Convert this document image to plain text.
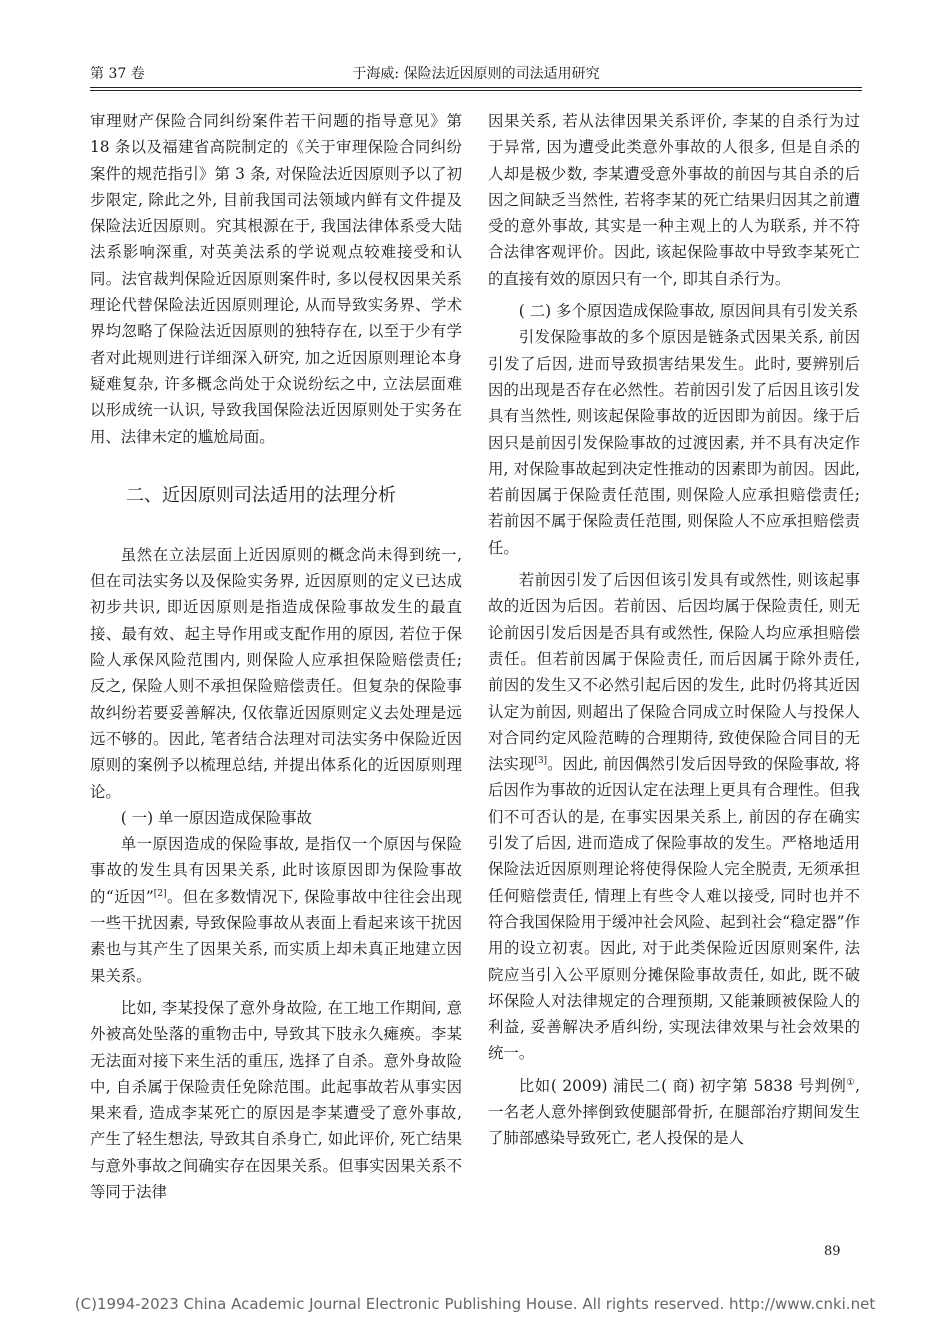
第 37 卷	于海威: 保险法近因原则的司法适用研究

审理财产保险合同纠纷案件若干问题的指导意见》第 18 条以及福建省高院制定的《关于审理保险合同纠纷案件的规范指引》第 3 条, 对保险法近因原则予以了初步限定, 除此之外, 目前我国司法领域内鲜有文件提及保险法近因原则。究其根源在于, 我国法律体系受大陆法系影响深重, 对英美法系的学说观点较难接受和认同。法官裁判保险近因原则案件时, 多以侵权因果关系理论代替保险法近因原则理论, 从而导致实务界、学术界均忽略了保险法近因原则的独特存在, 以至于少有学者对此规则进行详细深入研究, 加之近因原则理论本身疑难复杂, 许多概念尚处于众说纷纭之中, 立法层面难以形成统一认识, 导致我国保险法近因原则处于实务在用、法律未定的尴尬局面。

二、近因原则司法适用的法理分析

虽然在立法层面上近因原则的概念尚未得到统一, 但在司法实务以及保险实务界, 近因原则的定义已达成初步共识, 即近因原则是指造成保险事故发生的最直接、最有效、起主导作用或支配作用的原因, 若位于保险人承保风险范围内, 则保险人应承担保险赔偿责任; 反之, 保险人则不承担保险赔偿责任。但复杂的保险事故纠纷若要妥善解决, 仅依靠近因原则定义去处理是远远不够的。因此, 笔者结合法理对司法实务中保险近因原则的案例予以梳理总结, 并提出体系化的近因原则理论。

( 一) 单一原因造成保险事故

单一原因造成的保险事故, 是指仅一个原因与保险事故的发生具有因果关系, 此时该原因即为保险事故的“近因”[2]。但在多数情况下, 保险事故中往往会出现一些干扰因素, 导致保险事故从表面上看起来该干扰因素也与其产生了因果关系, 而实质上却未真正地建立因果关系。

比如, 李某投保了意外身故险, 在工地工作期间, 意外被高处坠落的重物击中, 导致其下肢永久瘫痪。李某无法面对接下来生活的重压, 选择了自杀。意外身故险中, 自杀属于保险责任免除范围。此起事故若从事实因果来看, 造成李某死亡的原因是李某遭受了意外事故, 产生了轻生想法, 导致其自杀身亡, 如此评价, 死亡结果与意外事故之间确实存在因果关系。但事实因果关系不等同于法律

因果关系, 若从法律因果关系评价, 李某的自杀行为过于异常, 因为遭受此类意外事故的人很多, 但是自杀的人却是极少数, 李某遭受意外事故的前因与其自杀的后因之间缺乏当然性, 若将李某的死亡结果归因其之前遭受的意外事故, 其实是一种主观上的人为联系, 并不符合法律客观评价。因此, 该起保险事故中导致李某死亡的直接有效的原因只有一个, 即其自杀行为。

( 二) 多个原因造成保险事故, 原因间具有引发关系

引发保险事故的多个原因是链条式因果关系, 前因引发了后因, 进而导致损害结果发生。此时, 要辨别后因的出现是否存在必然性。若前因引发了后因且该引发具有当然性, 则该起保险事故的近因即为前因。缘于后因只是前因引发保险事故的过渡因素, 并不具有决定作用, 对保险事故起到决定性推动的因素即为前因。因此, 若前因属于保险责任范围, 则保险人应承担赔偿责任; 若前因不属于保险责任范围, 则保险人不应承担赔偿责任。

若前因引发了后因但该引发具有或然性, 则该起事故的近因为后因。若前因、后因均属于保险责任, 则无论前因引发后因是否具有或然性, 保险人均应承担赔偿责任。但若前因属于保险责任, 而后因属于除外责任, 前因的发生又不必然引起后因的发生, 此时仍将其近因认定为前因, 则超出了保险合同成立时保险人与投保人对合同约定风险范畴的合理期待, 致使保险合同目的无法实现[3]。因此, 前因偶然引发后因导致的保险事故, 将后因作为事故的近因认定在法理上更具有合理性。但我们不可否认的是, 在事实因果关系上, 前因的存在确实引发了后因, 进而造成了保险事故的发生。严格地适用保险法近因原则理论将使得保险人完全脱责, 无须承担任何赔偿责任, 情理上有些令人难以接受, 同时也并不符合我国保险用于缓冲社会风险、起到社会“稳定器”作用的设立初衷。因此, 对于此类保险近因原则案件, 法院应当引入公平原则分摊保险事故责任, 如此, 既不破坏保险人对法律规定的合理预期, 又能兼顾被保险人的利益, 妥善解决矛盾纠纷, 实现法律效果与社会效果的统一。

比如( 2009) 浦民二( 商) 初字第 5838 号判例①, 一名老人意外摔倒致使腿部骨折, 在腿部治疗期间发生了肺部感染导致死亡, 老人投保的是人

89
(C)1994-2023 China Academic Journal Electronic Publishing House. All rights reserved. http://www.cnki.net
